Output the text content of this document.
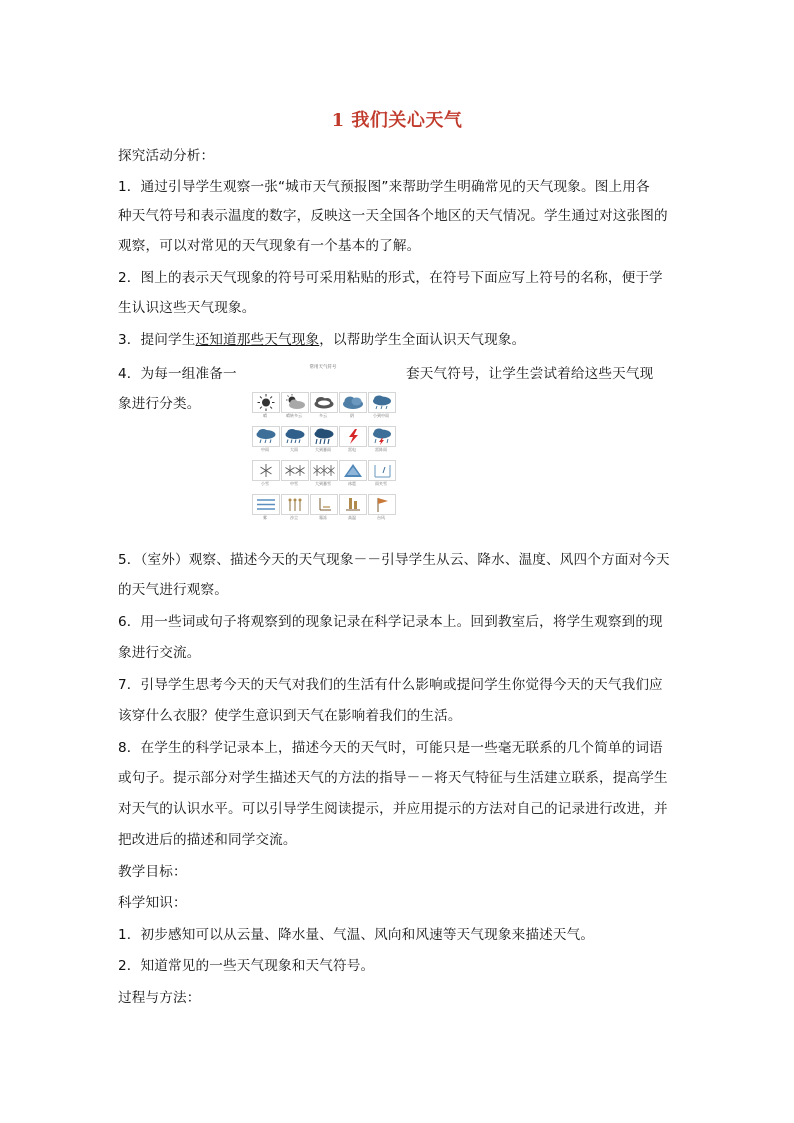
1 我们关心天气
探究活动分析：
1．通过引导学生观察一张“城市天气预报图”来帮助学生明确常见的天气现象。图上用各
种天气符号和表示温度的数字，反映这一天全国各个地区的天气情况。学生通过对这张图的
观察，可以对常见的天气现象有一个基本的了解。
2．图上的表示天气现象的符号可采用粘贴的形式，在符号下面应写上符号的名称，便于学
生认识这些天气现象。
3．提问学生还知道那些天气现象，以帮助学生全面认识天气现象。
4．为每一组准备一	套天气符号，让学生尝试着给这些天气现
象进行分类。
常用天气符号
晴	晴转多云	多云	阴	小到中雨
中雨	大雨	大到暴雨	雷电	雷阵雨
小雪	中雪	大到暴雪	冰雹	雨夹雪
雾	沙尘	霜冻	高温	台风
5．（室外）观察、描述今天的天气现象－－引导学生从云、降水、温度、风四个方面对今天
的天气进行观察。
6．用一些词或句子将观察到的现象记录在科学记录本上。回到教室后，将学生观察到的现
象进行交流。
7．引导学生思考今天的天气对我们的生活有什么影响或提问学生你觉得今天的天气我们应
该穿什么衣服？使学生意识到天气在影响着我们的生活。
8．在学生的科学记录本上，描述今天的天气时，可能只是一些毫无联系的几个简单的词语
或句子。提示部分对学生描述天气的方法的指导－－将天气特征与生活建立联系，提高学生
对天气的认识水平。可以引导学生阅读提示，并应用提示的方法对自己的记录进行改进，并
把改进后的描述和同学交流。
教学目标：
科学知识：
1．初步感知可以从云量、降水量、气温、风向和风速等天气现象来描述天气。
2．知道常见的一些天气现象和天气符号。
过程与方法：
